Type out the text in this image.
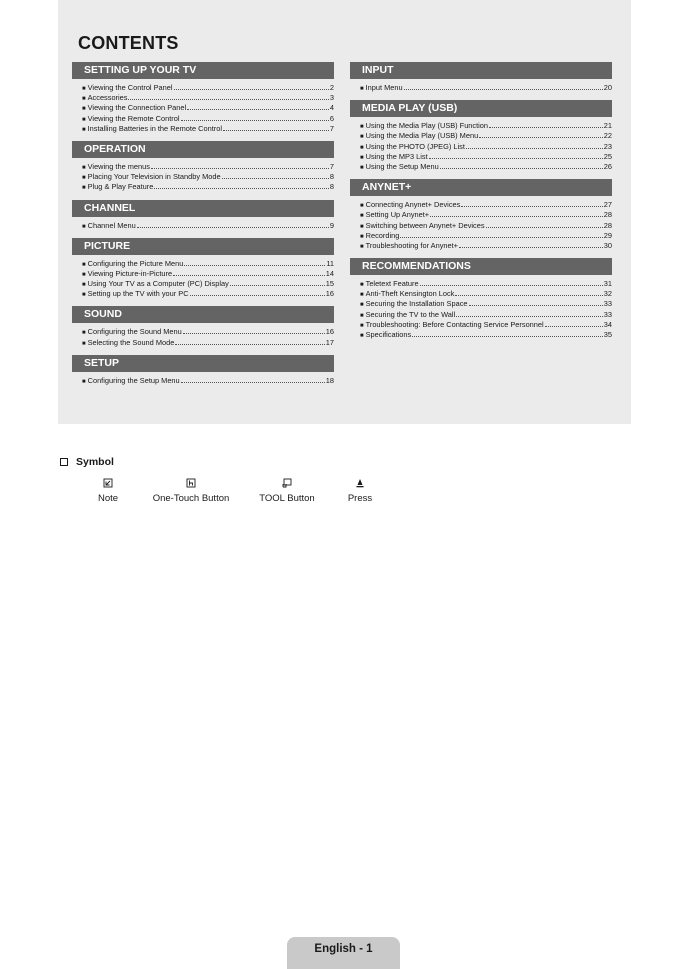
CONTENTS
SETTING UP YOUR TV
■ Viewing the Control Panel	2
■ Accessories	3
■ Viewing the Connection Panel	4
■ Viewing the Remote Control	6
■ Installing Batteries in the Remote Control	7
OPERATION
■ Viewing the menus	7
■ Placing Your Television in Standby Mode	8
■ Plug & Play Feature	8
CHANNEL
■ Channel Menu	9
PICTURE
■ Configuring the Picture Menu	11
■ Viewing Picture-in-Picture	14
■ Using Your TV as a Computer (PC) Display	15
■ Setting up the TV with your PC	16
SOUND
■ Configuring the Sound Menu	16
■ Selecting the Sound Mode	17
SETUP
■ Configuring the Setup Menu	18
INPUT
■ Input Menu	20
MEDIA PLAY (USB)
■ Using the Media Play (USB) Function	21
■ Using the Media Play (USB) Menu	22
■ Using the PHOTO (JPEG) List	23
■ Using the MP3 List	25
■ Using the Setup Menu	26
ANYNET+
■ Connecting Anynet+ Devices	27
■ Setting Up Anynet+	28
■ Switching between Anynet+ Devices	28
■ Recording	29
■ Troubleshooting for Anynet+	30
RECOMMENDATIONS
■ Teletext Feature	31
■ Anti-Theft Kensington Lock	32
■ Securing the Installation Space	33
■ Securing the TV to the Wall	33
■ Troubleshooting: Before Contacting Service Personnel	34
■ Specifications	35
Symbol
Note	One-Touch Button	TOOL Button	Press
English - 1
